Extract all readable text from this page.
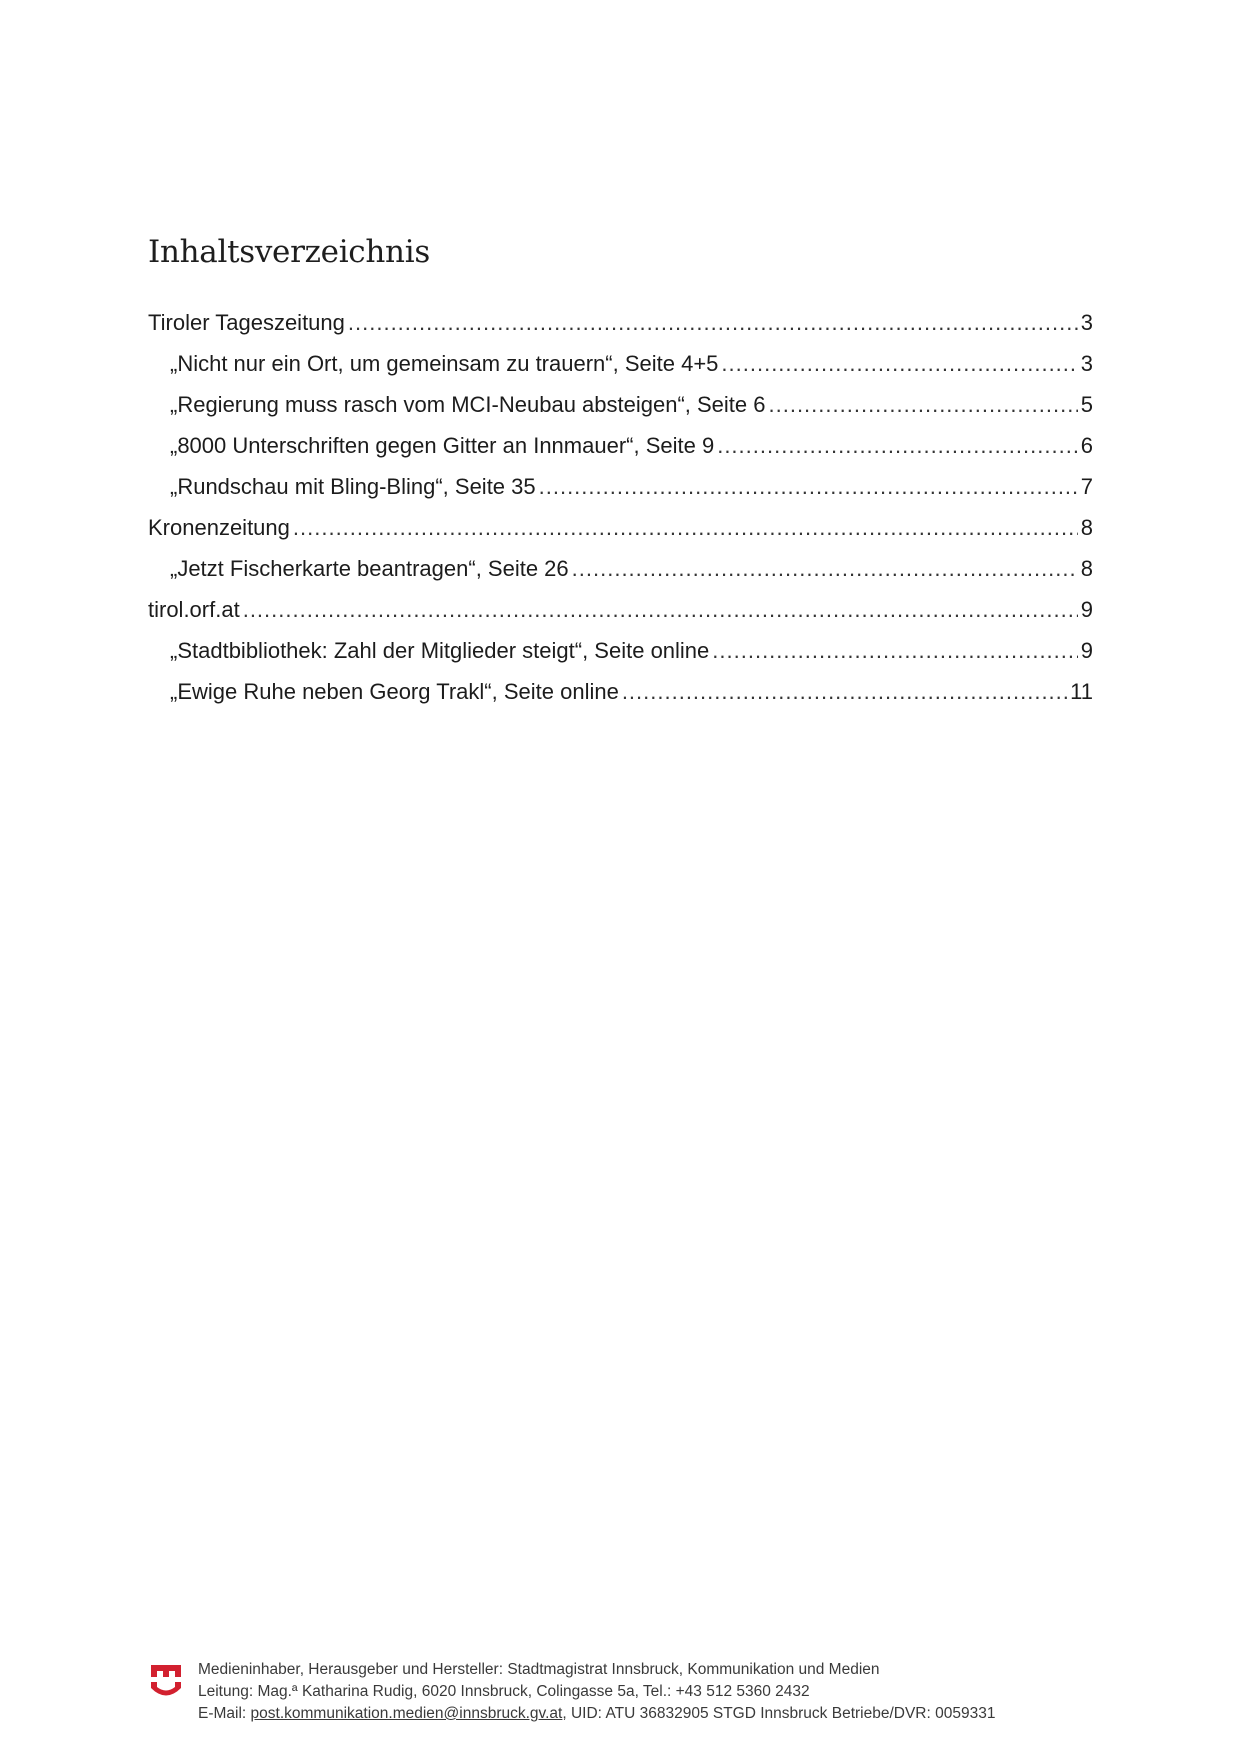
Inhaltsverzeichnis
Tiroler Tageszeitung .....	3
„Nicht nur ein Ort, um gemeinsam zu trauern“, Seite 4+5 .....	3
„Regierung muss rasch vom MCI-Neubau absteigen“, Seite 6 .....	5
„8000 Unterschriften gegen Gitter an Innmauer“, Seite 9 .....	6
„Rundschau mit Bling-Bling“, Seite 35 .....	7
Kronenzeitung .....	8
„Jetzt Fischerkarte beantragen“, Seite 26 .....	8
tirol.orf.at .....	9
„Stadtbibliothek: Zahl der Mitglieder steigt“, Seite online .....	9
„Ewige Ruhe neben Georg Trakl“, Seite online .....	11
Medieninhaber, Herausgeber und Hersteller: Stadtmagistrat Innsbruck, Kommunikation und Medien
Leitung: Mag.ª Katharina Rudig, 6020 Innsbruck, Colingasse 5a, Tel.: +43 512 5360 2432
E-Mail: post.kommunikation.medien@innsbruck.gv.at, UID: ATU 36832905 STGD Innsbruck Betriebe/DVR: 0059331
